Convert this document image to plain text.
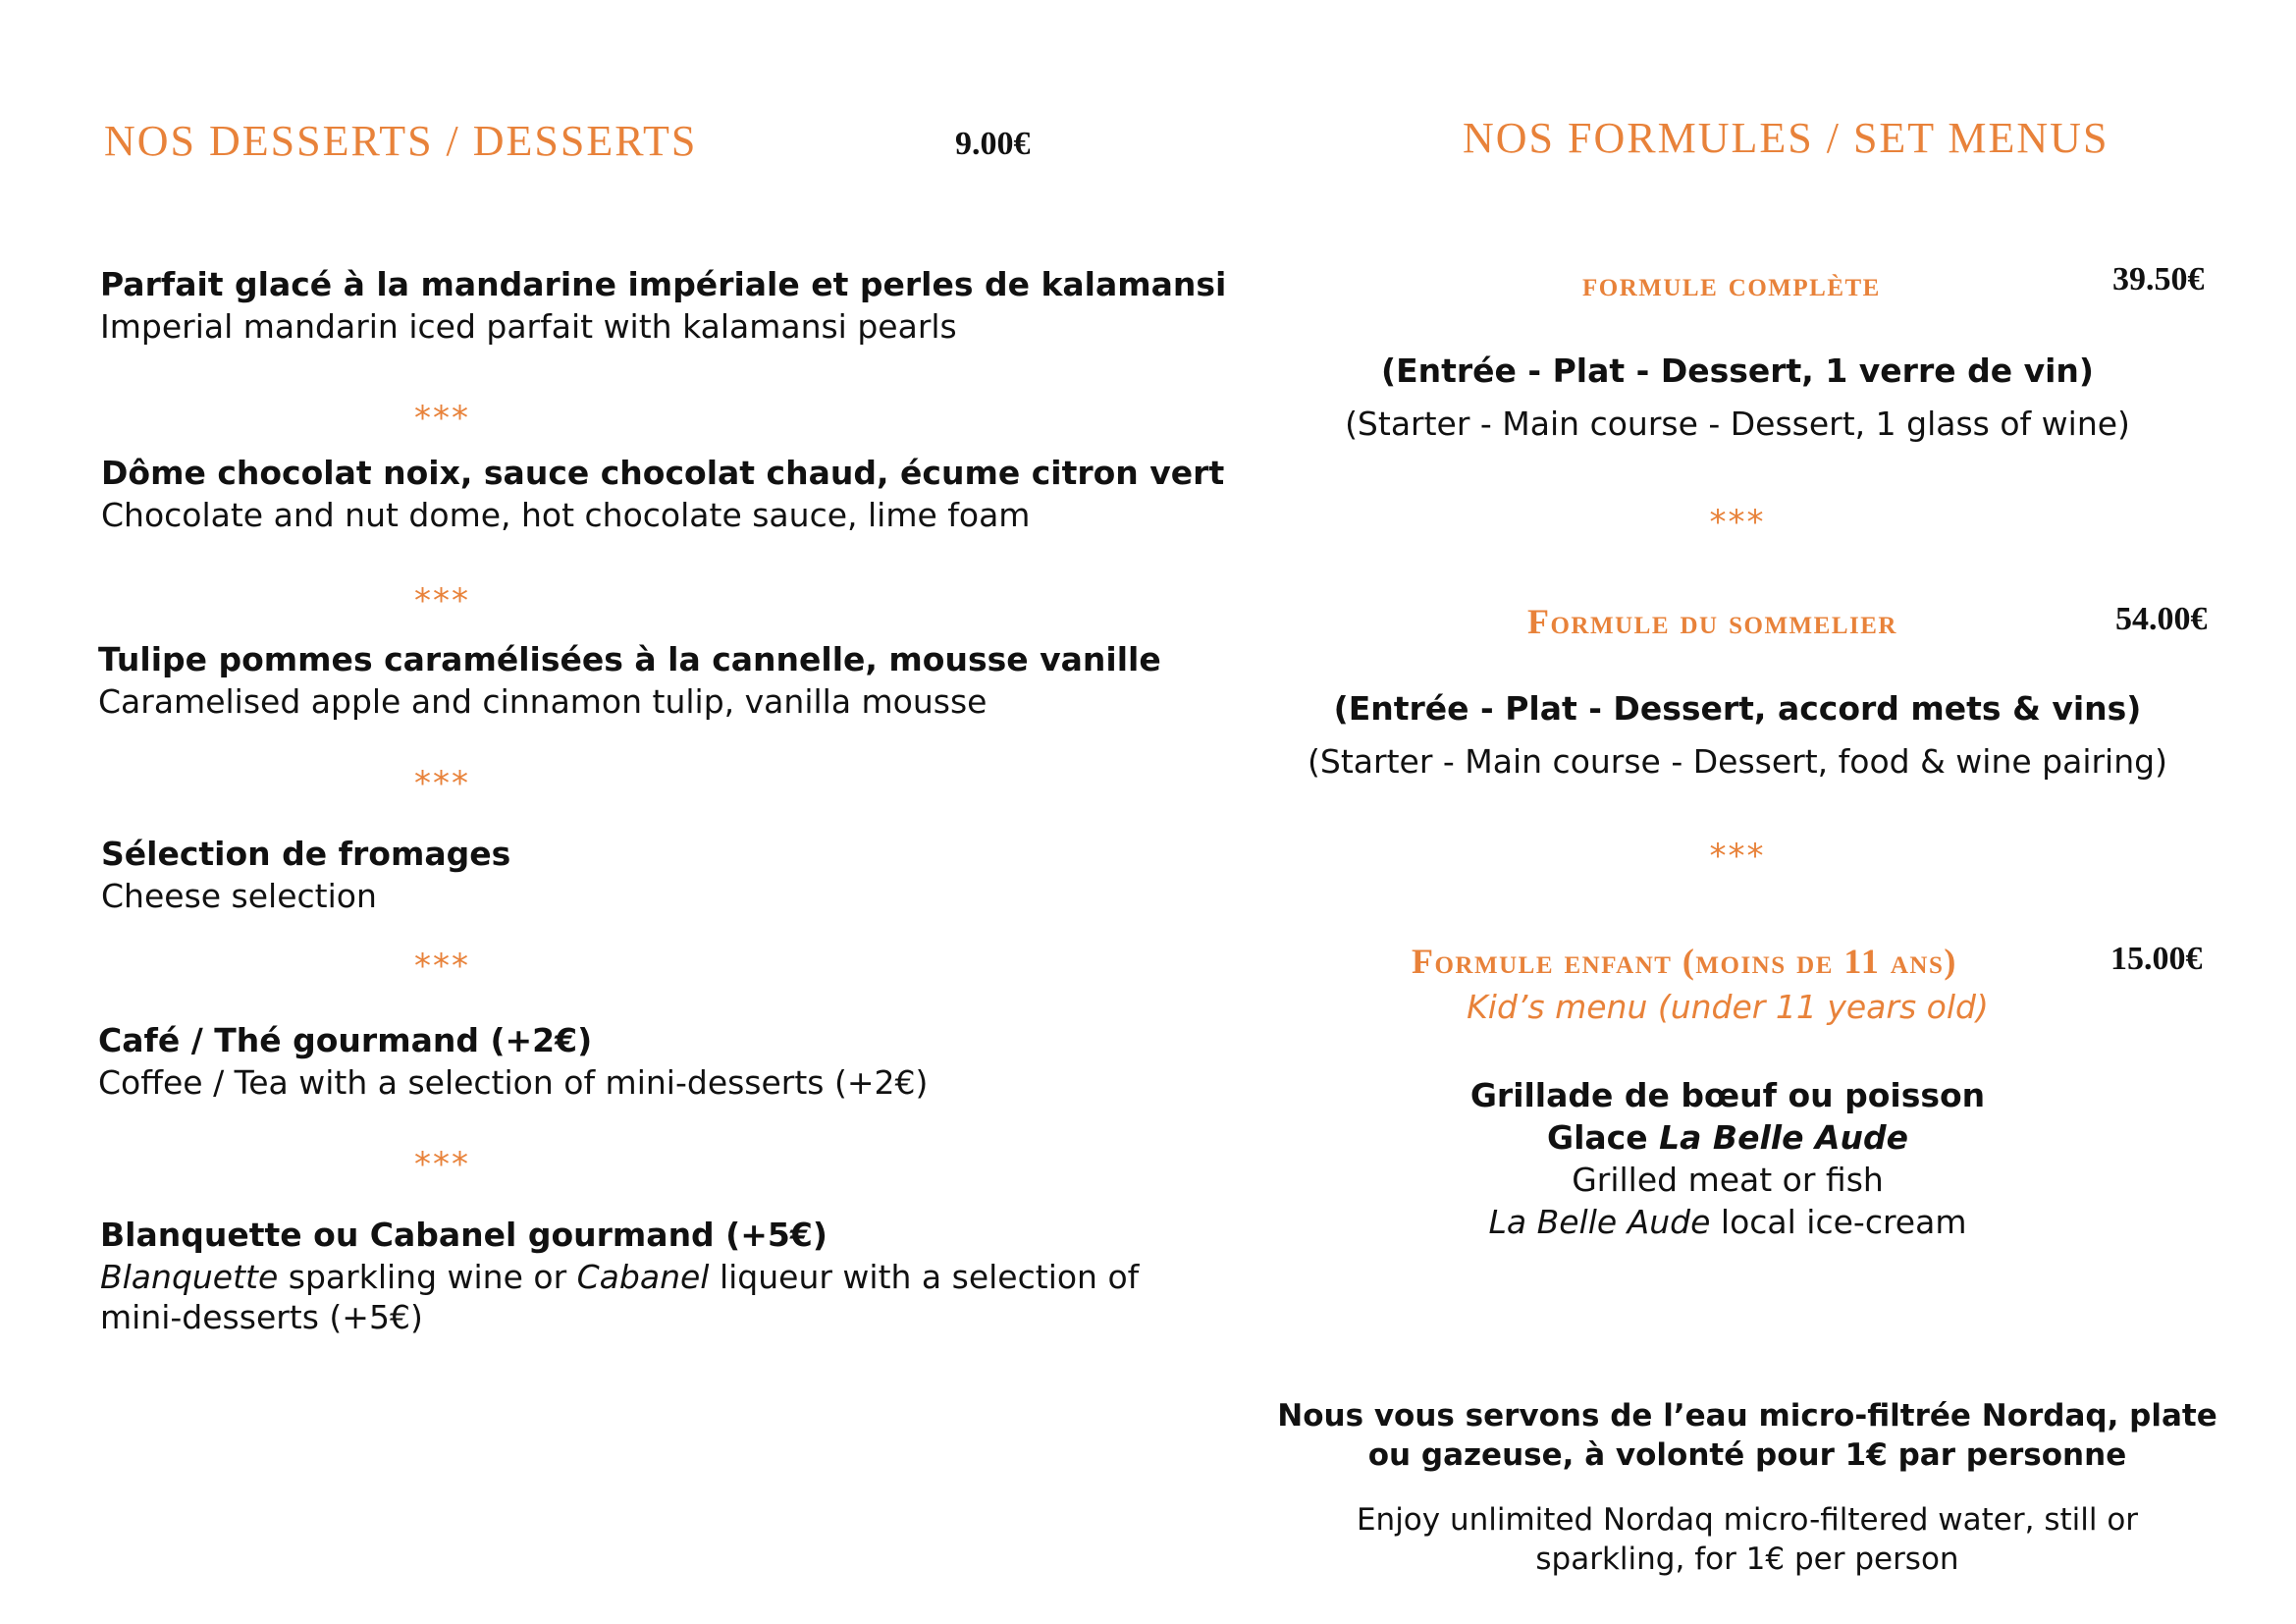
NOS DESSERTS / DESSERTS	9.00€
Parfait glacé à la mandarine impériale et perles de kalamansi
Imperial mandarin iced parfait with kalamansi pearls
***
Dôme chocolat noix, sauce chocolat chaud, écume citron vert
Chocolate and nut dome, hot chocolate sauce, lime foam
***
Tulipe pommes caramélisées à la cannelle, mousse vanille
Caramelised apple and cinnamon tulip, vanilla mousse
***
Sélection de fromages
Cheese selection
***
Café / Thé gourmand (+2€)
Coffee / Tea with a selection of mini-desserts (+2€)
***
Blanquette ou Cabanel gourmand (+5€)
Blanquette sparkling wine or Cabanel liqueur with a selection of
mini-desserts (+5€)
NOS FORMULES / SET MENUS
formule complète	39.50€
(Entrée - Plat - Dessert, 1 verre de vin)
(Starter - Main course - Dessert, 1 glass of wine)
***
Formule du sommelier	54.00€
(Entrée - Plat - Dessert, accord mets & vins)
(Starter - Main course - Dessert, food & wine pairing)
***
Formule enfant (moins de 11 ans)	15.00€
Kid’s menu (under 11 years old)
Grillade de bœuf ou poisson
Glace La Belle Aude
Grilled meat or fish
La Belle Aude local ice-cream
Nous vous servons de l’eau micro-filtrée Nordaq, plate
ou gazeuse, à volonté pour 1€ par personne
Enjoy unlimited Nordaq micro-filtered water, still or
sparkling, for 1€ per person
